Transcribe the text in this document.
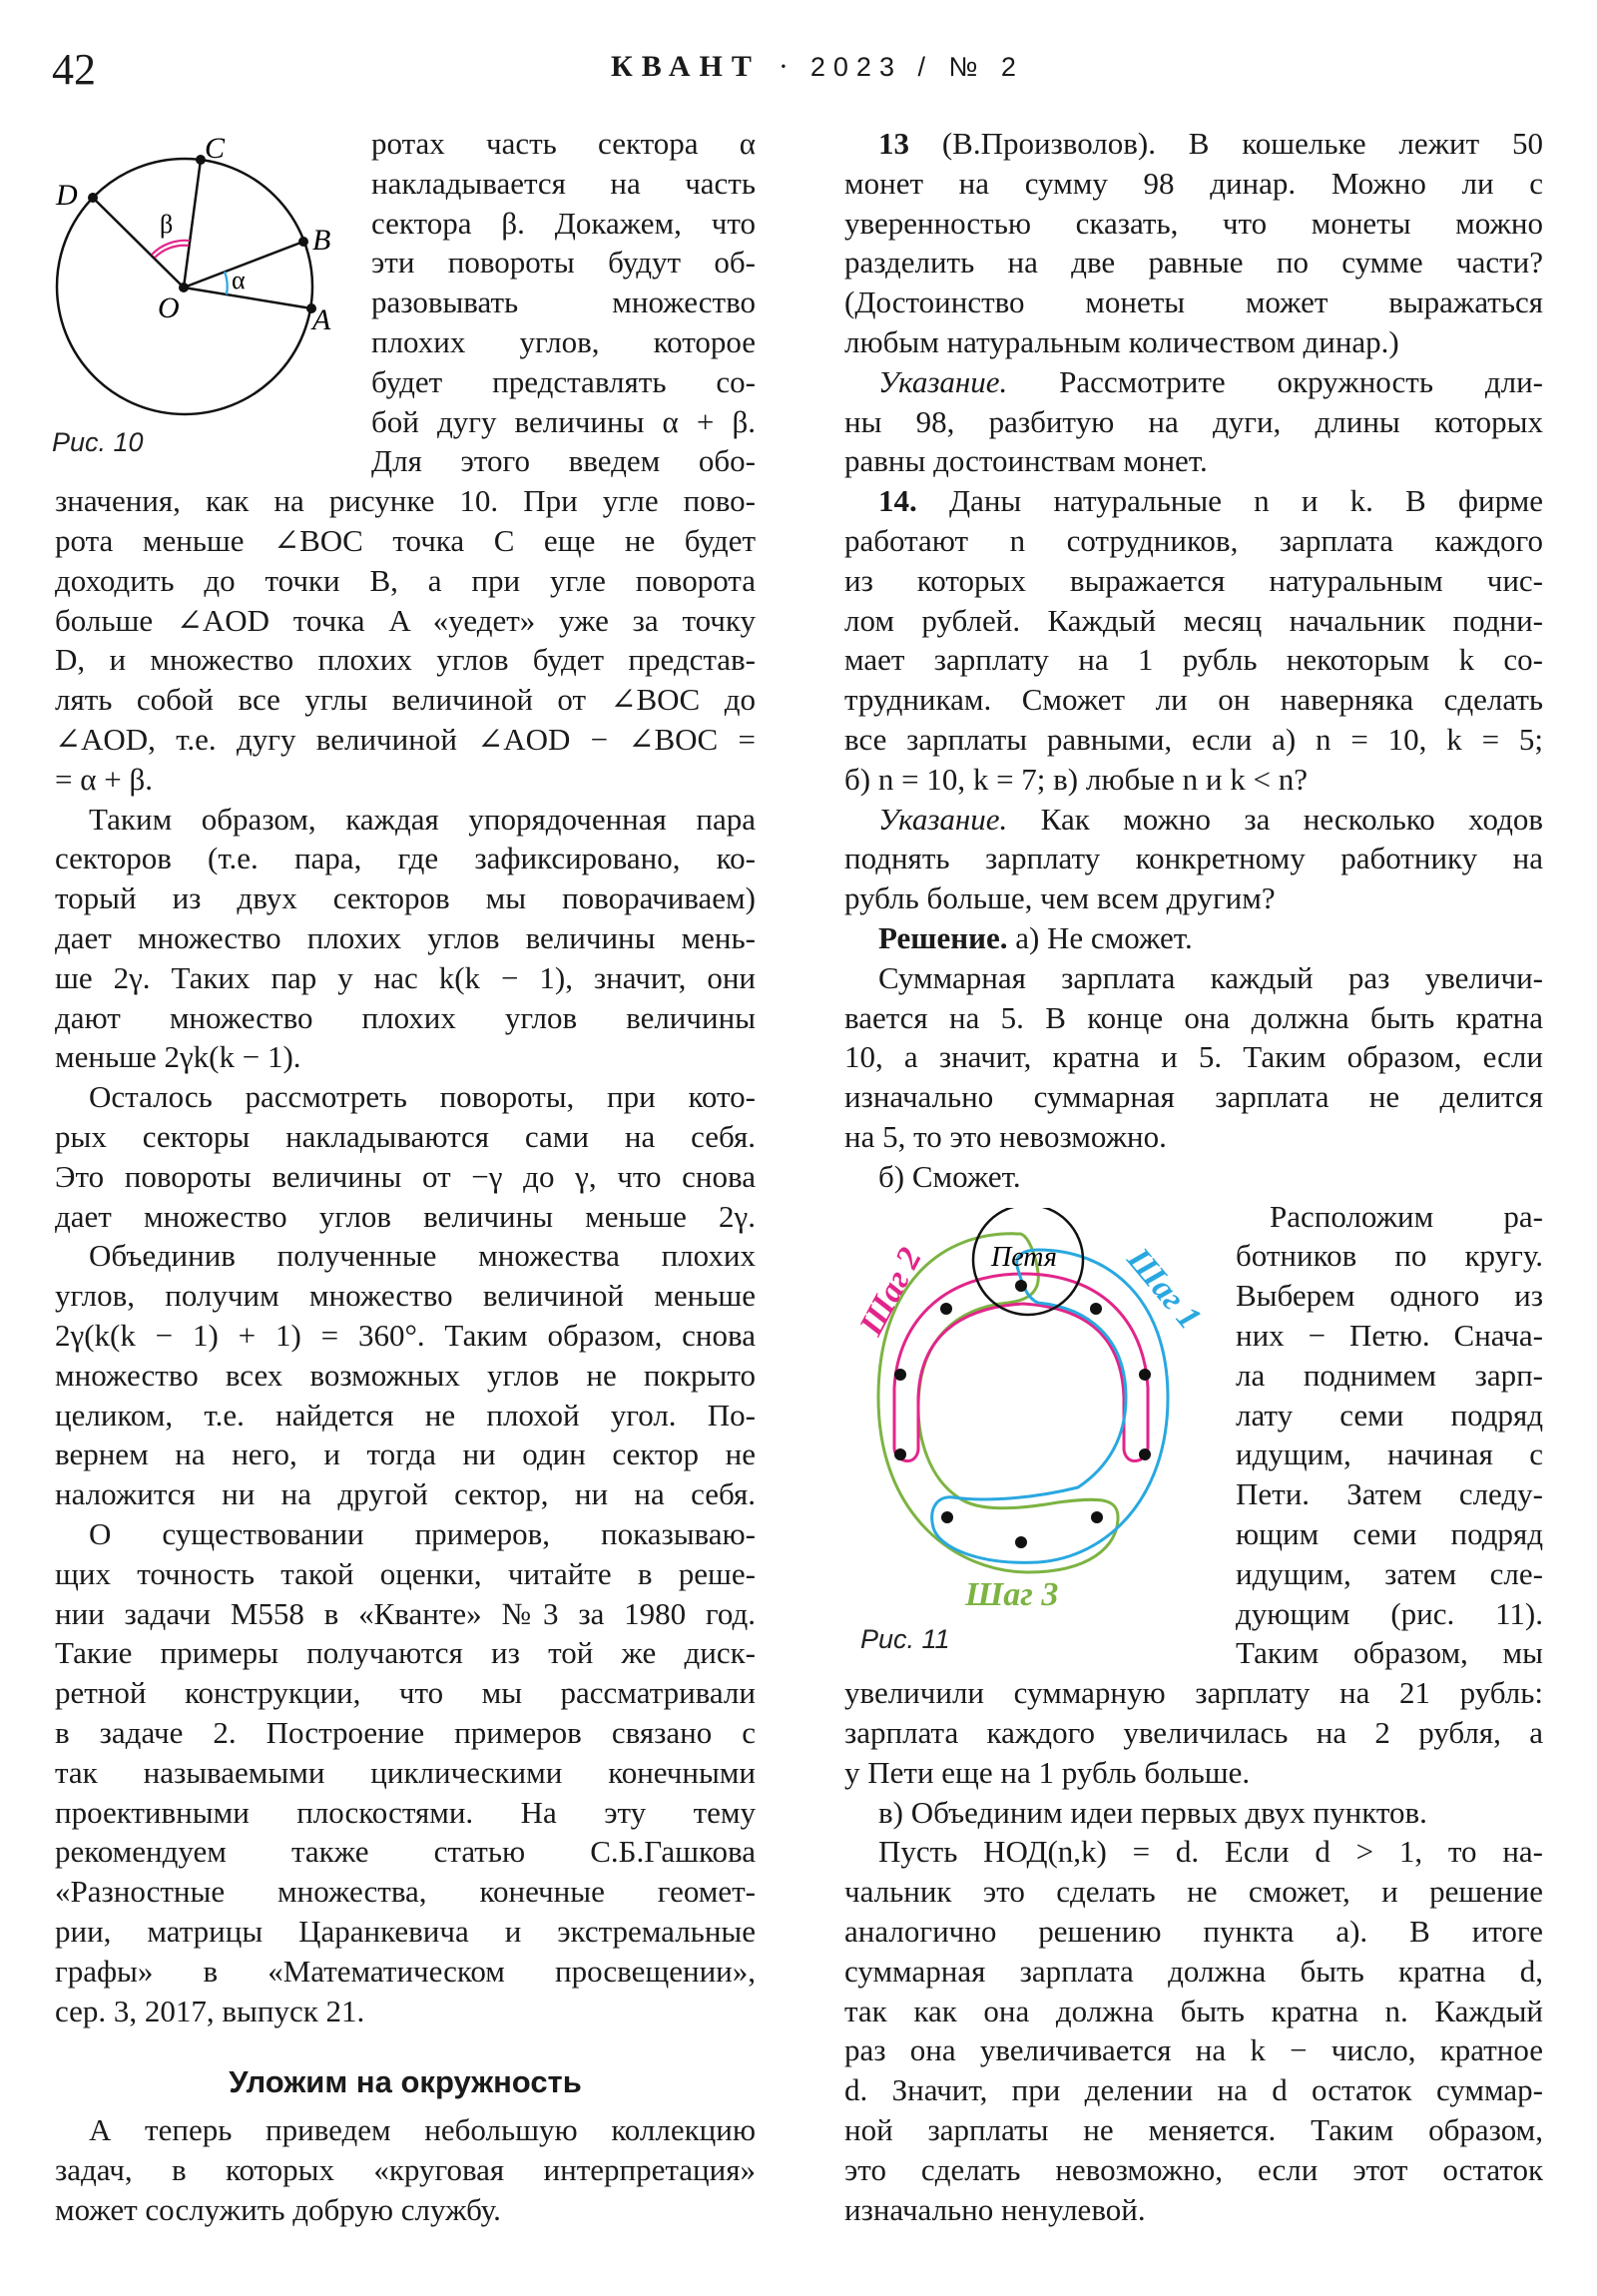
42	КВАНТ · 2023 / № 2
C
D
B
A
O
β
α
Рис. 10
Петя
Шаг 2	Шаг 1
Шаг 3
Рис. 11
ротах часть сектора α
накладывается на часть
сектора β. Докажем, что
эти повороты будут об-
разовывать множество
плохих углов, которое
будет представлять со-
бой дугу величины α + β.
Для этого введем обо-
значения, как на рисунке 10. При угле пово-
рота меньше ∠BOC точка C еще не будет
доходить до точки B, а при угле поворота
больше ∠AOD точка A «уедет» уже за точку
D, и множество плохих углов будет представ-
лять собой все углы величиной от ∠BOC до
∠AOD, т.е. дугу величиной ∠AOD − ∠BOC =
= α + β.
Таким образом, каждая упорядоченная пара
секторов (т.е. пара, где зафиксировано, ко-
торый из двух секторов мы поворачиваем)
дает множество плохих углов величины мень-
ше 2γ. Таких пар у нас k(k − 1), значит, они
дают множество плохих углов величины
меньше 2γk(k − 1).
Осталось рассмотреть повороты, при кото-
рых секторы накладываются сами на себя.
Это повороты величины от −γ до γ, что снова
дает множество углов величины меньше 2γ.
Объединив полученные множества плохих
углов, получим множество величиной меньше
2γ(k(k − 1) + 1) = 360°. Таким образом, снова
множество всех возможных углов не покрыто
целиком, т.е. найдется не плохой угол. По-
вернем на него, и тогда ни один сектор не
наложится ни на другой сектор, ни на себя.
О существовании примеров, показываю-
щих точность такой оценки, читайте в реше-
нии задачи М558 в «Кванте» №3 за 1980 год.
Такие примеры получаются из той же диск-
ретной конструкции, что мы рассматривали
в задаче 2. Построение примеров связано с
так называемыми циклическими конечными
проективными плоскостями. На эту тему
рекомендуем также статью С.Б.Гашкова
«Разностные множества, конечные геомет-
рии, матрицы Царанкевича и экстремальные
графы» в «Математическом просвещении»,
сер. 3, 2017, выпуск 21.
А теперь приведем небольшую коллекцию
задач, в которых «круговая интерпретация»
может сослужить добрую службу.
Уложим на окружность
13 (В.Произволов). В кошельке лежит 50
монет на сумму 98 динар. Можно ли с
уверенностью сказать, что монеты можно
разделить на две равные по сумме части?
(Достоинство монеты может выражаться
любым натуральным количеством динар.)
Указание. Рассмотрите окружность дли-
ны 98, разбитую на дуги, длины которых
равны достоинствам монет.
14. Даны натуральные n и k. В фирме
работают n сотрудников, зарплата каждого
из которых выражается натуральным чис-
лом рублей. Каждый месяц начальник подни-
мает зарплату на 1 рубль некоторым k со-
трудникам. Сможет ли он наверняка сделать
все зарплаты равными, если а) n = 10, k = 5;
б) n = 10, k = 7; в) любые n и k < n?
Указание. Как можно за несколько ходов
поднять зарплату конкретному работнику на
рубль больше, чем всем другим?
Решение. а) Не сможет.
Суммарная зарплата каждый раз увеличи-
вается на 5. В конце она должна быть кратна
10, а значит, кратна и 5. Таким образом, если
изначально суммарная зарплата не делится
на 5, то это невозможно.
б) Сможет.
Расположим ра-
ботников по кругу.
Выберем одного из
них − Петю. Снача-
ла поднимем зарп-
лату семи подряд
идущим, начиная с
Пети. Затем следу-
ющим семи подряд
идущим, затем сле-
дующим (рис. 11).
Таким образом, мы
увеличили суммарную зарплату на 21 рубль:
зарплата каждого увеличилась на 2 рубля, а
у Пети еще на 1 рубль больше.
в) Объединим идеи первых двух пунктов.
Пусть НОД(n,k) = d. Если d > 1, то на-
чальник это сделать не сможет, и решение
аналогично решению пункта а). В итоге
суммарная зарплата должна быть кратна d,
так как она должна быть кратна n. Каждый
раз она увеличивается на k − число, кратное
d. Значит, при делении на d остаток суммар-
ной зарплаты не меняется. Таким образом,
это сделать невозможно, если этот остаток
изначально ненулевой.
